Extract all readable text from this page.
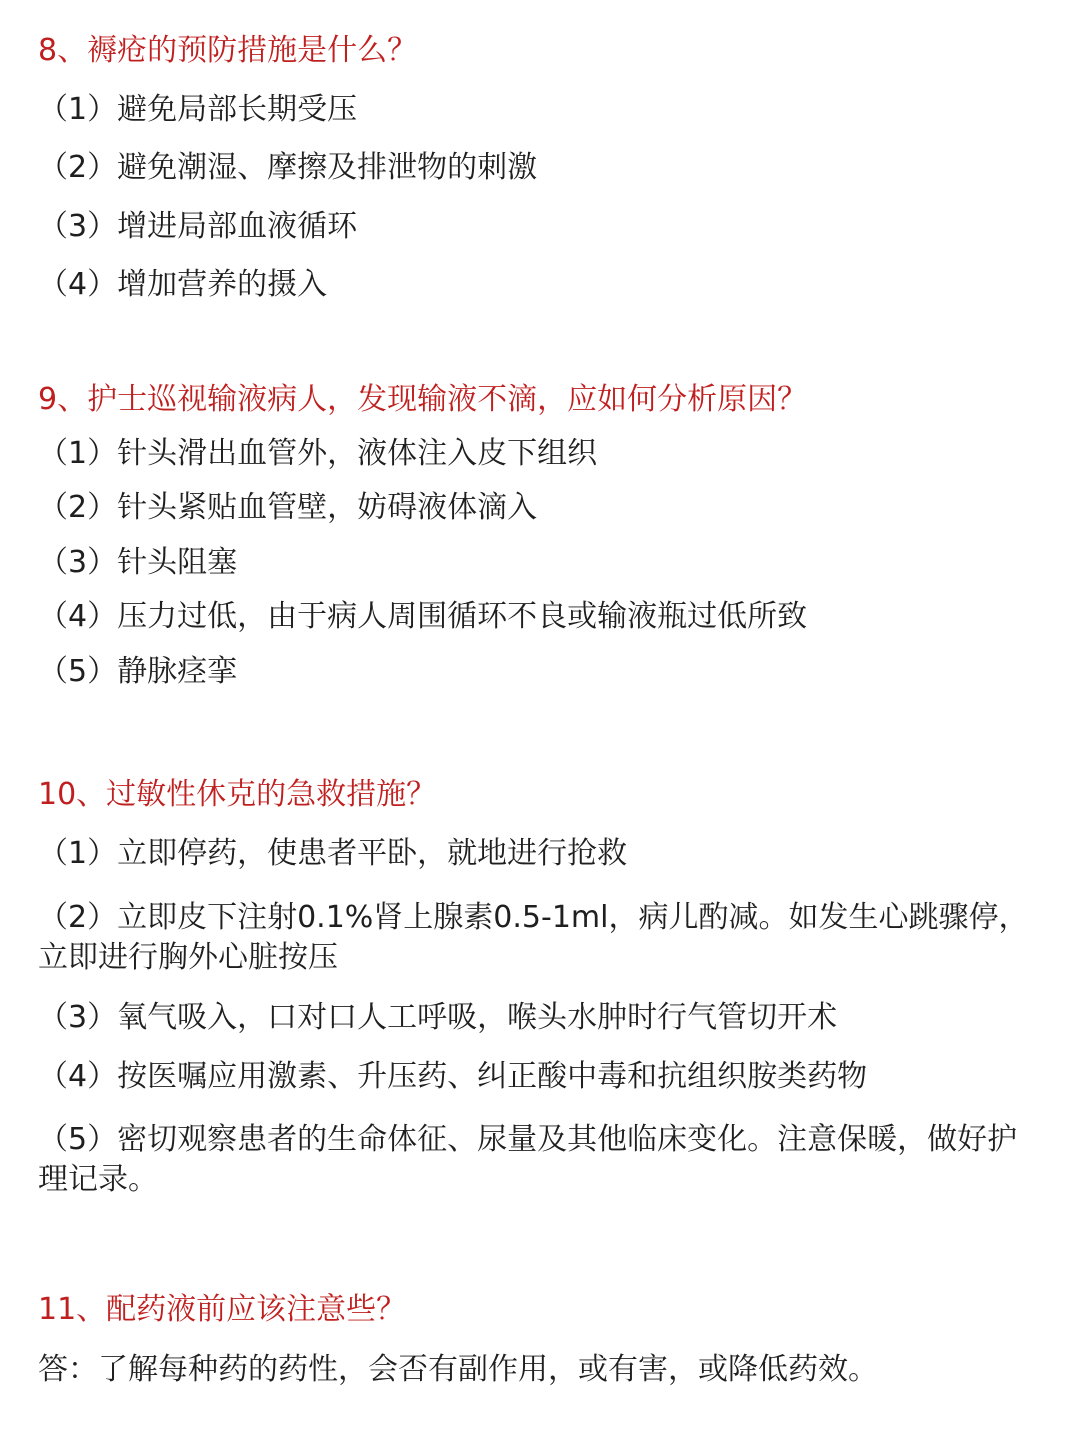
8、褥疮的预防措施是什么？

（1）避免局部长期受压

（2）避免潮湿、摩擦及排泄物的刺激

（3）增进局部血液循环

（4）增加营养的摄入

9、护士巡视输液病人，发现输液不滴，应如何分析原因？

（1）针头滑出血管外，液体注入皮下组织

（2）针头紧贴血管壁，妨碍液体滴入

（3）针头阻塞

（4）压力过低，由于病人周围循环不良或输液瓶过低所致

（5）静脉痉挛

10、过敏性休克的急救措施？

（1）立即停药，使患者平卧，就地进行抢救

（2）立即皮下注射0.1%肾上腺素0.5-1ml，病儿酌减。如发生心跳骤停，立即进行胸外心脏按压

（3）氧气吸入，口对口人工呼吸，喉头水肿时行气管切开术

（4）按医嘱应用激素、升压药、纠正酸中毒和抗组织胺类药物

（5）密切观察患者的生命体征、尿量及其他临床变化。注意保暖，做好护理记录。

11、配药液前应该注意些？

答：了解每种药的药性，会否有副作用，或有害，或降低药效。
